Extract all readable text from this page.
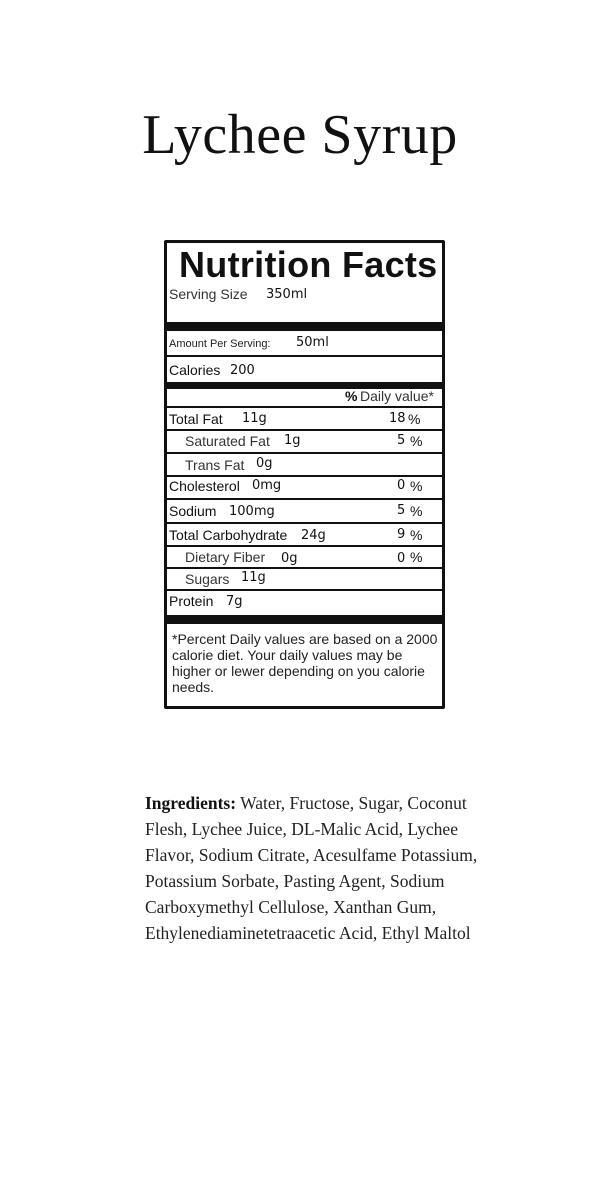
Lychee Syrup
Nutrition Facts
Serving Size 350ml
Amount Per Serving: 50ml
Calories 200
% Daily value*
Total Fat 11g	18 %
Saturated Fat 1g	5 %
Trans Fat 0g
Cholesterol 0mg	0 %
Sodium 100mg	5 %
Total Carbohydrate 24g	9 %
Dietary Fiber 0g	0 %
Sugars 11g
Protein 7g
*Percent Daily values are based on a 2000 calorie diet. Your daily values may be higher or lewer depending on you calorie needs.
Ingredients: Water, Fructose, Sugar, Coconut Flesh, Lychee Juice, DL-Malic Acid, Lychee Flavor, Sodium Citrate, Acesulfame Potassium, Potassium Sorbate, Pasting Agent, Sodium Carboxymethyl Cellulose, Xanthan Gum, Ethylenediaminetetraacetic Acid, Ethyl Maltol
